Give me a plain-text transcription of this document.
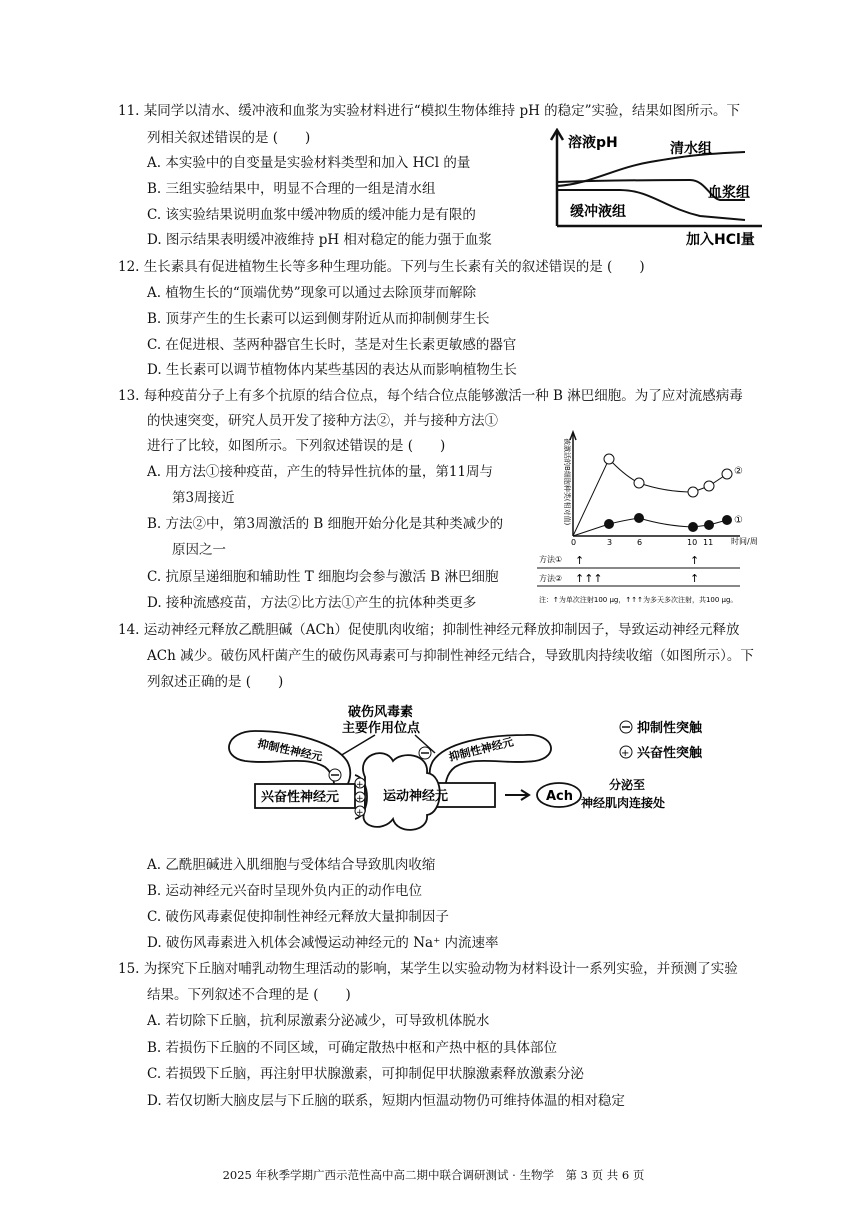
11. 某同学以清水、缓冲液和血浆为实验材料进行“模拟生物体维持 pH 的稳定”实验，结果如图所示。下
列相关叙述错误的是 (　　)
A. 本实验中的自变量是实验材料类型和加入 HCl 的量
B. 三组实验结果中，明显不合理的一组是清水组
C. 该实验结果说明血浆中缓冲物质的缓冲能力是有限的
D. 图示结果表明缓冲液维持 pH 相对稳定的能力强于血浆
溶液pH	清水组
血浆组
缓冲液组
加入HCl量
12. 生长素具有促进植物生长等多种生理功能。下列与生长素有关的叙述错误的是 (　　)
A. 植物生长的“顶端优势”现象可以通过去除顶芽而解除
B. 顶芽产生的生长素可以运到侧芽附近从而抑制侧芽生长
C. 在促进根、茎两种器官生长时，茎是对生长素更敏感的器官
D. 生长素可以调节植物体内某些基因的表达从而影响植物生长
13. 每种疫苗分子上有多个抗原的结合位点，每个结合位点能够激活一种 B 淋巴细胞。为了应对流感病毒
的快速突变，研究人员开发了接种方法②，并与接种方法①
进行了比较，如图所示。下列叙述错误的是 (　　)
A. 用方法①接种疫苗，产生的特异性抗体的量，第11周与
第3周接近
B. 方法②中，第3周激活的 B 细胞开始分化是其种类减少的
原因之一
C. 抗原呈递细胞和辅助性 T 细胞均会参与激活 B 淋巴细胞
D. 接种流感疫苗，方法②比方法①产生的抗体种类更多
被激活的B细胞种类(相对值)
时间/周
0	3	6	10 11
②
①
方法①
方法②
↑	↑
↑↑↑	↑
注：↑为单次注射100 μg，↑↑↑为多天多次注射，共100 μg。
14. 运动神经元释放乙酰胆碱（ACh）促使肌肉收缩；抑制性神经元释放抑制因子，导致运动神经元释放
ACh 减少。破伤风杆菌产生的破伤风毒素可与抑制性神经元结合，导致肌肉持续收缩（如图所示）。下
列叙述正确的是 (　　)
破伤风毒素
主要作用位点
抑制性神经元	抑制性神经元
运动神经元
兴奋性神经元
+
+
+
Ach
分泌至
神经肌肉连接处
抑制性突触
+ 兴奋性突触
A. 乙酰胆碱进入肌细胞与受体结合导致肌肉收缩
B. 运动神经元兴奋时呈现外负内正的动作电位
C. 破伤风毒素促使抑制性神经元释放大量抑制因子
D. 破伤风毒素进入机体会减慢运动神经元的 Na⁺ 内流速率
15. 为探究下丘脑对哺乳动物生理活动的影响，某学生以实验动物为材料设计一系列实验，并预测了实验
结果。下列叙述不合理的是 (　　)
A. 若切除下丘脑，抗利尿激素分泌减少，可导致机体脱水
B. 若损伤下丘脑的不同区域，可确定散热中枢和产热中枢的具体部位
C. 若损毁下丘脑，再注射甲状腺激素，可抑制促甲状腺激素释放激素分泌
D. 若仅切断大脑皮层与下丘脑的联系，短期内恒温动物仍可维持体温的相对稳定
2025 年秋季学期广西示范性高中高二期中联合调研测试 · 生物学　第 3 页 共 6 页
